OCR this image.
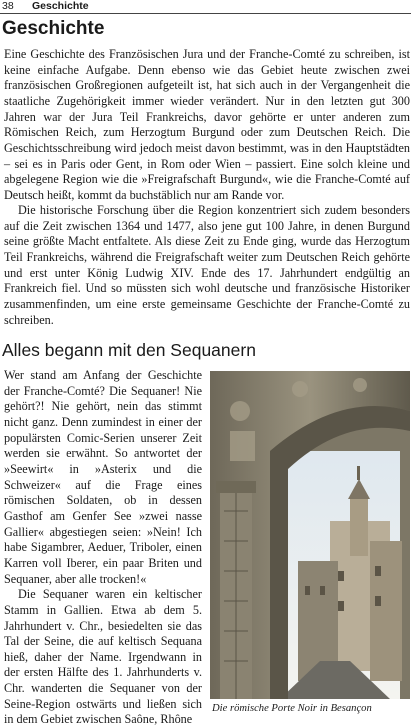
38 Geschichte
Geschichte

Eine Geschichte des Französischen Jura und der Franche-Comté zu schreiben, ist keine einfache Aufgabe. Denn ebenso wie das Gebiet heute zwischen zwei französischen Großregionen aufgeteilt ist, hat sich auch in der Vergangenheit die staatliche Zugehörigkeit immer wieder verändert. Nur in den letzten gut 300 Jahren war der Jura Teil Frankreichs, davor gehörte er unter anderen zum Römischen Reich, zum Herzogtum Burgund oder zum Deutschen Reich. Die Geschichtsschreibung wird jedoch meist davon bestimmt, was in den Hauptstädten – sei es in Paris oder Gent, in Rom oder Wien – passiert. Eine solch kleine und abgelegene Region wie die »Freigrafschaft Burgund«, wie die Franche-Comté auf Deutsch heißt, kommt da buchstäblich nur am Rande vor.

Die historische Forschung über die Region konzentriert sich zudem besonders auf die Zeit zwischen 1364 und 1477, also jene gut 100 Jahre, in denen Burgund seine größte Macht entfaltete. Als diese Zeit zu Ende ging, wurde das Herzogtum Teil Frankreichs, während die Freigrafschaft weiter zum Deutschen Reich gehörte und erst unter König Ludwig XIV. Ende des 17. Jahrhundert endgültig an Frankreich fiel. Und so müssten sich wohl deutsche und französische Historiker zusammenfinden, um eine erste gemeinsame Geschichte der Franche-Comté zu schreiben.

Alles begann mit den Sequanern

Wer stand am Anfang der Geschichte der Franche-Comté? Die Sequaner! Nie gehört?! Nie gehört, nein das stimmt nicht ganz. Denn zumindest in einer der populärsten Comic-Serien unserer Zeit werden sie erwähnt. So antwortet der »Seewirt« in »Asterix und die Schweizer« auf die Frage eines römischen Soldaten, ob in dessen Gasthof am Genfer See »zwei nasse Gallier« abgestiegen seien: »Nein! Ich habe Sigambrer, Aeduer, Triboler, einen Karren voll Iberer, ein paar Briten und Sequaner, aber alle trocken!«

Die Sequaner waren ein keltischer Stamm in Gallien. Etwa ab dem 5. Jahrhundert v. Chr., besiedelten sie das Tal der Seine, die auf keltisch Sequana hieß, daher der Name. Irgendwann in der ersten Hälfte des 1. Jahrhunderts v. Chr. wanderten die Sequaner von der Seine-Region ostwärts und ließen sich in dem Gebiet zwischen Saône, Rhône

Die römische Porte Noir in Besançon
